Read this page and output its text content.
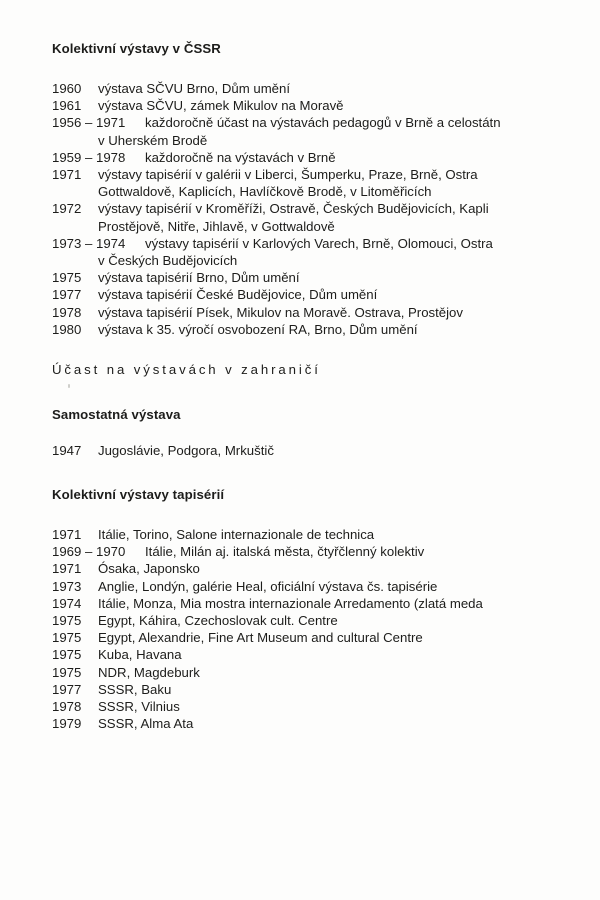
Kolektivní výstavy v ČSSR
1960 výstava SČVU Brno, Dům umění
1961 výstava SČVU, zámek Mikulov na Moravě
1956 – 1971 každoročně účast na výstavách pedagogů v Brně a celostátn
v Uherském Brodě
1959 – 1978 každoročně na výstavách v Brně
1971 výstavy tapisérií v galérii v Liberci, Šumperku, Praze, Brně, Ostra
Gottwaldově, Kaplicích, Havlíčkově Brodě, v Litoměřicích
1972 výstavy tapisérií v Kroměříži, Ostravě, Českých Budějovicích, Kapli
Prostějově, Nitře, Jihlavě, v Gottwaldově
1973 – 1974 výstavy tapisérií v Karlových Varech, Brně, Olomouci, Ostra
v Českých Budějovicích
1975 výstava tapisérií Brno, Dům umění
1977 výstava tapisérií České Budějovice, Dům umění
1978 výstava tapisérií Písek, Mikulov na Moravě. Ostrava, Prostějov
1980 výstava k 35. výročí osvobození RA, Brno, Dům umění
Účast na výstavách v zahraničí
Samostatná výstava
1947 Jugoslávie, Podgora, Mrkuštič
Kolektivní výstavy tapisérií
1971 Itálie, Torino, Salone internazionale de technica
1969 – 1970 Itálie, Milán aj. italská města, čtyřčlenný kolektiv
1971 Ósaka, Japonsko
1973 Anglie, Londýn, galérie Heal, oficiální výstava čs. tapisérie
1974 Itálie, Monza, Mia mostra internazionale Arredamento (zlatá meda
1975 Egypt, Káhira, Czechoslovak cult. Centre
1975 Egypt, Alexandrie, Fine Art Museum and cultural Centre
1975 Kuba, Havana
1975 NDR, Magdeburk
1977 SSSR, Baku
1978 SSSR, Vilnius
1979 SSSR, Alma Ata
